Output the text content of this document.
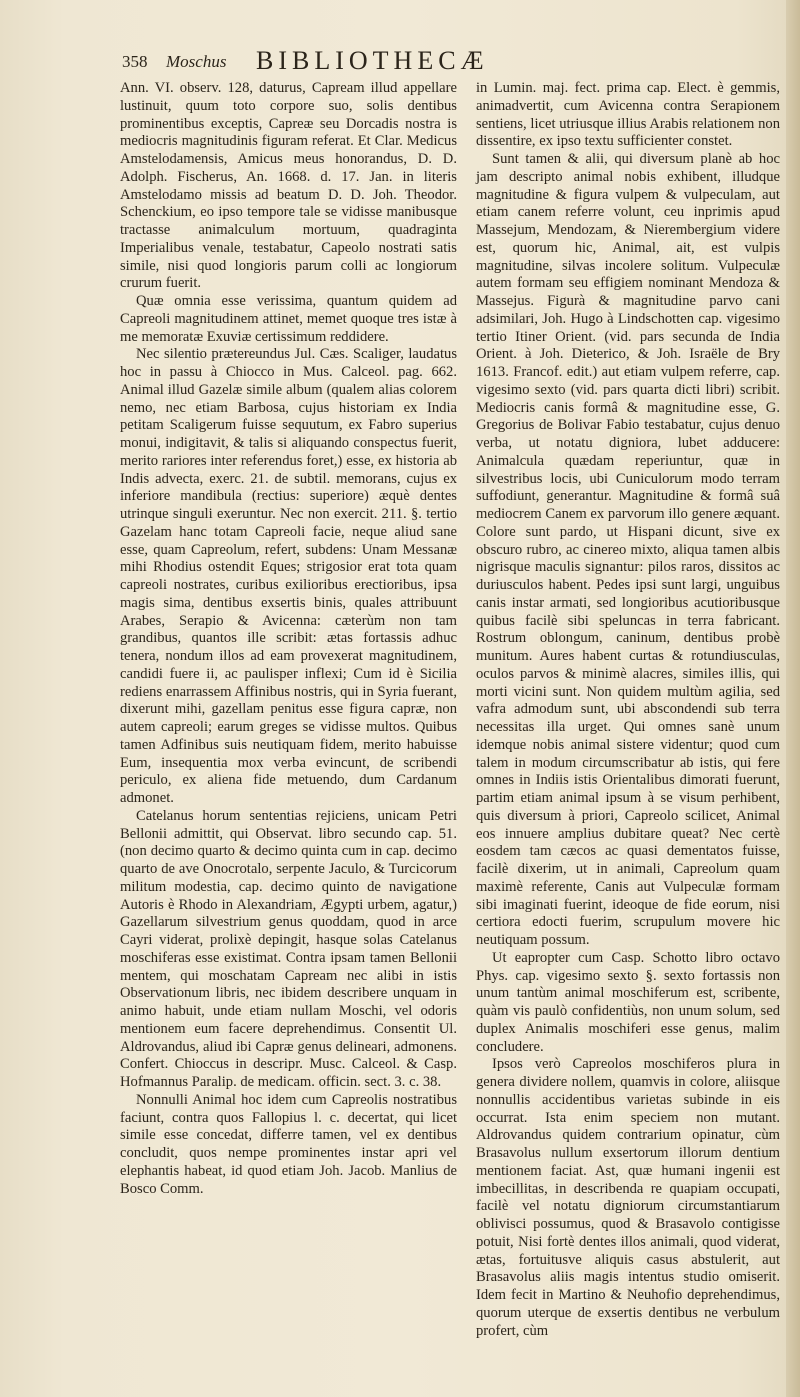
358 Moschus BIBLIOTHECÆ

Ann. VI. observ. 128, daturus, Capream illud appellare lustinuit, quum toto corpore suo, solis dentibus prominentibus exceptis, Capreæ seu Dorcadis nostra is mediocris magnitudinis figuram referat. Et Clar. Medicus Amstelodamensis, Amicus meus honorandus, D. D. Adolph. Fischerus, An. 1668. d. 17. Jan. in literis Amstelodamo missis ad beatum D. D. Joh. Theodor. Schenckium, eo ipso tempore tale se vidisse manibusque tractasse animalculum mortuum, quadraginta Imperialibus venale, testabatur, Capeolo nostrati satis simile, nisi quod longioris parum colli ac longiorum crurum fuerit.

Quæ omnia esse verissima, quantum quidem ad Capreoli magnitudinem attinet, memet quoque tres istæ à me memoratæ Exuviæ certissimum reddidere.

Nec silentio prætereundus Jul. Cæs. Scaliger, laudatus hoc in passu à Chiocco in Mus. Calceol. pag. 662. Animal illud Gazelæ simile album (qualem alias colorem nemo, nec etiam Barbosa, cujus historiam ex India petitam Scaligerum fuisse sequutum, ex Fabro superius monui, indigitavit, & talis si aliquando conspectus fuerit, merito rariores inter referendus foret,) esse, ex historia ab Indis advecta, exerc. 21. de subtil. memorans, cujus ex inferiore mandibula (rectius: superiore) æquè dentes utrinque singuli exeruntur. Nec non exercit. 211. §. tertio Gazelam hanc totam Capreoli facie, neque aliud sane esse, quam Capreolum, refert, subdens: Unam Messanæ mihi Rhodius ostendit Eques; strigosior erat tota quam capreoli nostrates, curibus exilioribus erectioribus, ipsa magis sima, dentibus exsertis binis, quales attribuunt Arabes, Serapio & Avicenna: cæterùm non tam grandibus, quantos ille scribit: ætas fortassis adhuc tenera, nondum illos ad eam provexerat magnitudinem, candidi fuere ii, ac paulisper inflexi; Cum id è Sicilia rediens enarrassem Affinibus nostris, qui in Syria fuerant, dixerunt mihi, gazellam penitus esse figura capræ, non autem capreoli; earum greges se vidisse multos. Quibus tamen Adfinibus suis neutiquam fidem, merito habuisse Eum, insequentia mox verba evincunt, de scribendi periculo, ex aliena fide metuendo, dum Cardanum admonet.

Catelanus horum sententias rejiciens, unicam Petri Bellonii admittit, qui Observat. libro secundo cap. 51. (non decimo quarto & decimo quinta cum in cap. decimo quarto de ave Onocrotalo, serpente Jaculo, & Turcicorum militum modestia, cap. decimo quinto de navigatione Autoris è Rhodo in Alexandriam, Ægypti urbem, agatur,) Gazellarum silvestrium genus quoddam, quod in arce Cayri viderat, prolixè depingit, hasque solas Catelanus moschiferas esse existimat. Contra ipsam tamen Bellonii mentem, qui moschatam Capream nec alibi in istis Observationum libris, nec ibidem describere unquam in animo habuit, unde etiam nullam Moschi, vel odoris mentionem eum facere deprehendimus. Consentit Ul. Aldrovandus, aliud ibi Capræ genus delineari, admonens. Confert. Chioccus in descripr. Musc. Calceol. & Casp. Hofmannus Paralip. de medicam. officin. sect. 3. c. 38.

Nonnulli Animal hoc idem cum Capreolis nostratibus faciunt, contra quos Fallopius l. c. decertat, qui licet simile esse concedat, differre tamen, vel ex dentibus concludit, quos nempe prominentes instar apri vel elephantis habeat, id quod etiam Joh. Jacob. Manlius de Bosco Comm.

in Lumin. maj. fect. prima cap. Elect. è gemmis, animadvertit, cum Avicenna contra Serapionem sentiens, licet utriusque illius Arabis relationem non dissentire, ex ipso textu sufficienter constet.

Sunt tamen & alii, qui diversum planè ab hoc jam descripto animal nobis exhibent, illudque magnitudine & figura vulpem & vulpeculam, aut etiam canem referre volunt, ceu inprimis apud Massejum, Mendozam, & Nierembergium videre est, quorum hic, Animal, ait, est vulpis magnitudine, silvas incolere solitum. Vulpeculæ autem formam seu effigiem nominant Mendoza & Massejus. Figurà & magnitudine parvo cani adsimilari, Joh. Hugo à Lindschotten cap. vigesimo tertio Itiner Orient. (vid. pars secunda de India Orient. à Joh. Dieterico, & Joh. Israële de Bry 1613. Francof. edit.) aut etiam vulpem referre, cap. vigesimo sexto (vid. pars quarta dicti libri) scribit. Mediocris canis formâ & magnitudine esse, G. Gregorius de Bolivar Fabio testabatur, cujus denuo verba, ut notatu digniora, lubet adducere: Animalcula quædam reperiuntur, quæ in silvestribus locis, ubi Cuniculorum modo terram suffodiunt, generantur. Magnitudine & formâ suâ mediocrem Canem ex parvorum illo genere æquant. Colore sunt pardo, ut Hispani dicunt, sive ex obscuro rubro, ac cinereo mixto, aliqua tamen albis nigrisque maculis signantur: pilos raros, dissitos ac duriusculos habent. Pedes ipsi sunt largi, unguibus canis instar armati, sed longioribus acutioribusque quibus facilè sibi speluncas in terra fabricant. Rostrum oblongum, caninum, dentibus probè munitum. Aures habent curtas & rotundiusculas, oculos parvos & minimè alacres, similes illis, qui morti vicini sunt. Non quidem multùm agilia, sed vafra admodum sunt, ubi abscondendi sub terra necessitas illa urget. Qui omnes sanè unum idemque nobis animal sistere videntur; quod cum talem in modum circumscribatur ab istis, qui fere omnes in Indiis istis Orientalibus dimorati fuerunt, partim etiam animal ipsum à se visum perhibent, quis diversum à priori, Capreolo scilicet, Animal eos innuere amplius dubitare queat? Nec certè eosdem tam cæcos ac quasi dementatos fuisse, facilè dixerim, ut in animali, Capreolum quam maximè referente, Canis aut Vulpeculæ formam sibi imaginati fuerint, ideoque de fide eorum, nisi certiora edocti fuerim, scrupulum movere hic neutiquam possum.

Ut eapropter cum Casp. Schotto libro octavo Phys. cap. vigesimo sexto §. sexto fortassis non unum tantùm animal moschiferum est, scribente, quàm vis paulò confidentiùs, non unum solum, sed duplex Animalis moschiferi esse genus, malim concludere.

Ipsos verò Capreolos moschiferos plura in genera dividere nollem, quamvis in colore, aliisque nonnullis accidentibus varietas subinde in eis occurrat. Ista enim speciem non mutant. Aldrovandus quidem contrarium opinatur, cùm Brasavolus nullum exsertorum illorum dentium mentionem faciat. Ast, quæ humani ingenii est imbecillitas, in describenda re quapiam occupati, facilè vel notatu digniorum circumstantiarum oblivisci possumus, quod & Brasavolo contigisse potuit, Nisi fortè dentes illos animali, quod viderat, ætas, fortuitusve aliquis casus abstulerit, aut Brasavolus aliis magis intentus studio omiserit. Idem fecit in Martino & Neuhofio deprehendimus, quorum uterque de exsertis dentibus ne verbulum profert, cùm
